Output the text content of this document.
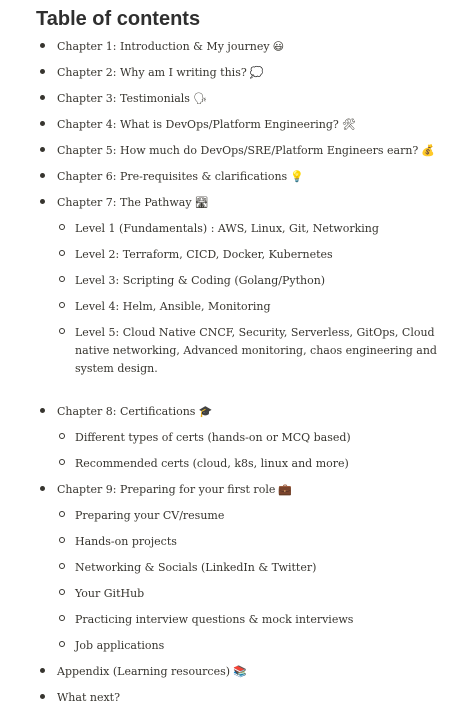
Table of contents
Chapter 1: Introduction & My journey 😃
Chapter 2: Why am I writing this? 💭
Chapter 3: Testimonials 🗣
Chapter 4: What is DevOps/Platform Engineering? 🛠
Chapter 5: How much do DevOps/SRE/Platform Engineers earn? 💰
Chapter 6: Pre-requisites & clarifications 💡
Chapter 7: The Pathway 🛣
Level 1 (Fundamentals) : AWS, Linux, Git, Networking
Level 2: Terraform, CICD, Docker, Kubernetes
Level 3: Scripting & Coding (Golang/Python)
Level 4: Helm, Ansible, Monitoring
Level 5: Cloud Native CNCF, Security, Serverless, GitOps, Cloud native networking, Advanced monitoring, chaos engineering and system design.
Chapter 8: Certifications 🎓
Different types of certs (hands-on or MCQ based)
Recommended certs (cloud, k8s, linux and more)
Chapter 9: Preparing for your first role 💼
Preparing your CV/resume
Hands-on projects
Networking & Socials (LinkedIn & Twitter)
Your GitHub
Practicing interview questions & mock interviews
Job applications
Appendix (Learning resources) 📚
What next?
